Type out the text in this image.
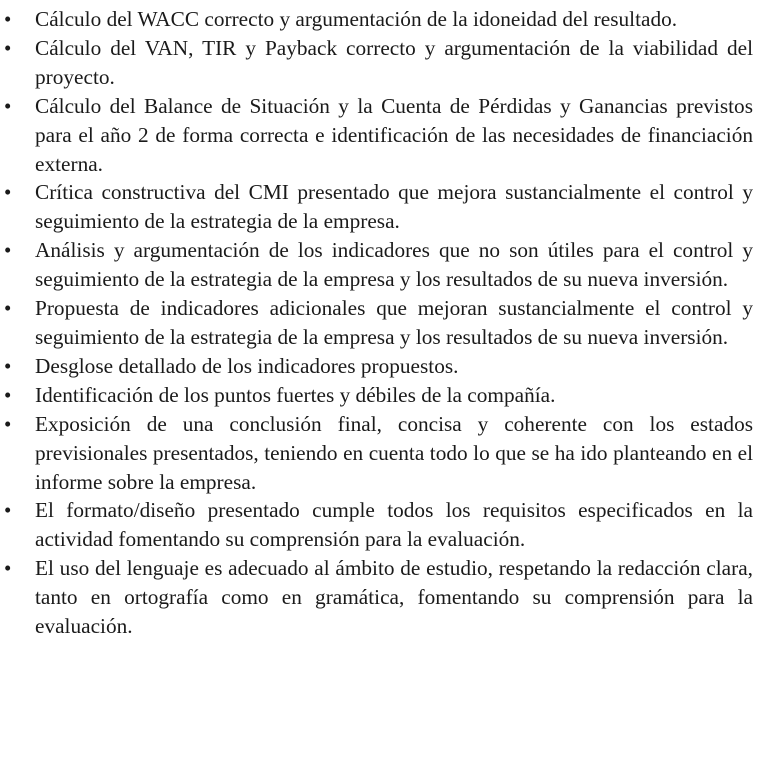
• Cálculo del WACC correcto y argumentación de la idoneidad del resultado.
• Cálculo del VAN, TIR y Payback correcto y argumentación de la viabilidad del proyecto.
• Cálculo del Balance de Situación y la Cuenta de Pérdidas y Ganancias previstos para el año 2 de forma correcta e identificación de las necesidades de financiación externa.
• Crítica constructiva del CMI presentado que mejora sustancialmente el control y seguimiento de la estrategia de la empresa.
• Análisis y argumentación de los indicadores que no son útiles para el control y seguimiento de la estrategia de la empresa y los resultados de su nueva inversión.
• Propuesta de indicadores adicionales que mejoran sustancialmente el control y seguimiento de la estrategia de la empresa y los resultados de su nueva inversión.
• Desglose detallado de los indicadores propuestos.
• Identificación de los puntos fuertes y débiles de la compañía.
• Exposición de una conclusión final, concisa y coherente con los estados previsionales presentados, teniendo en cuenta todo lo que se ha ido planteando en el informe sobre la empresa.
• El formato/diseño presentado cumple todos los requisitos especificados en la actividad fomentando su comprensión para la evaluación.
• El uso del lenguaje es adecuado al ámbito de estudio, respetando la redacción clara, tanto en ortografía como en gramática, fomentando su comprensión para la evaluación.
